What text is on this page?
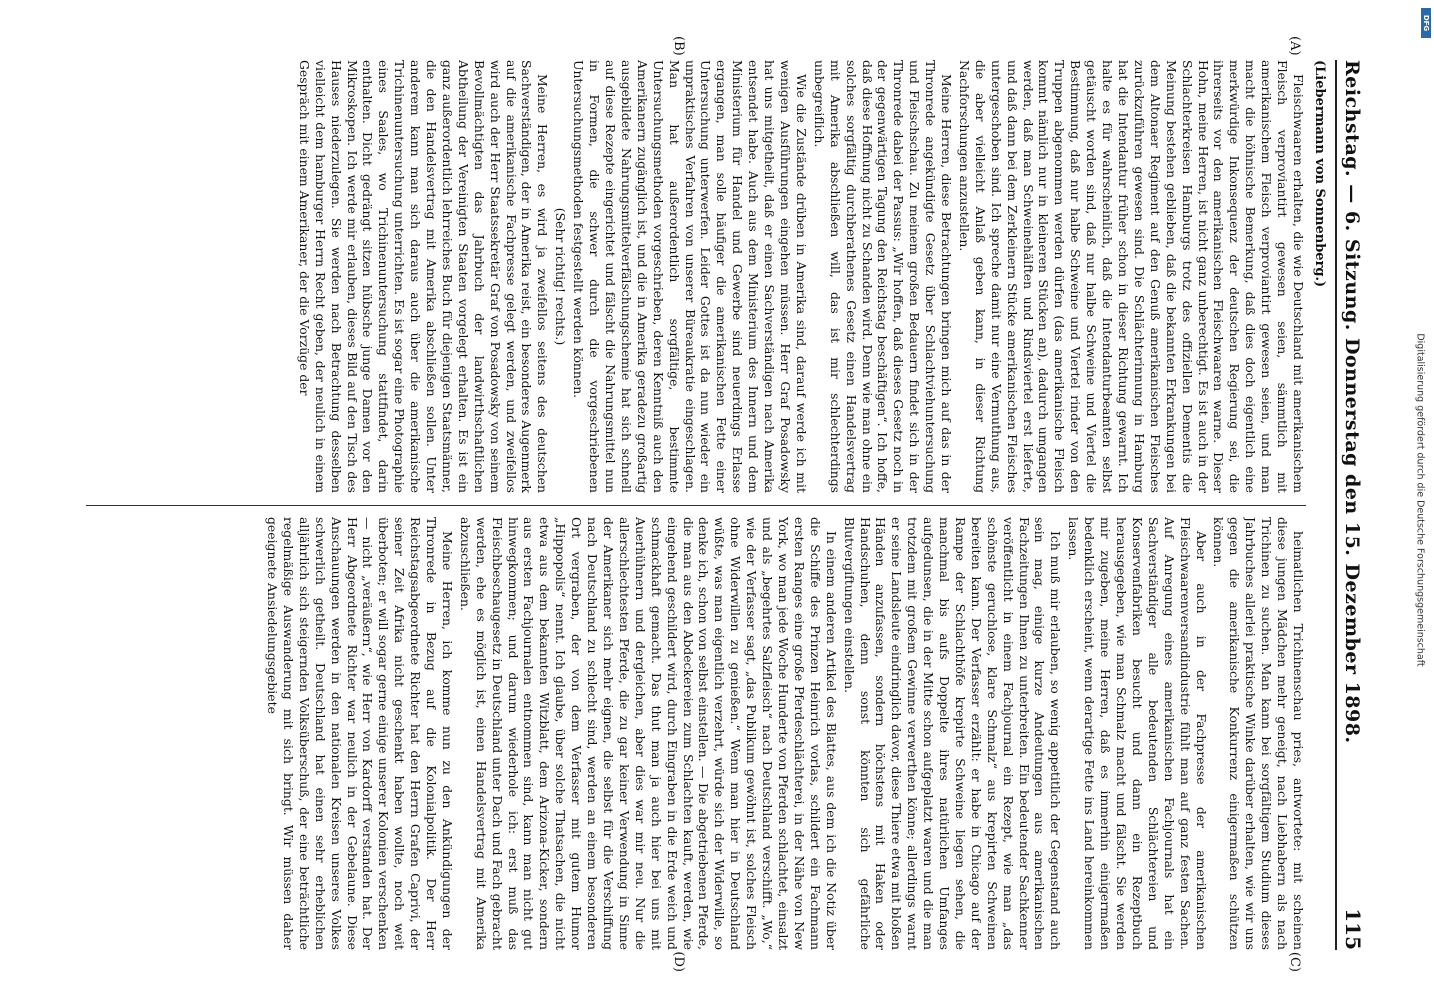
Reichstag. — 6. Sitzung. Donnerstag den 15. Dezember 1898.
115
(Liebermann von Sonnenberg.)
(A)
(B)
(C)
(D)

Fleischwaaren erhalten, die wie Deutschland mit amerikanischem Fleisch verproviantirt gewesen seien, sämmtlich mit amerikanischem Fleisch verproviantirt gewesen seien, und man macht die höhnische Bemerkung, daß dies doch eigentlich eine merkwürdige Inkonsequenz der deutschen Regierung sei, die ihrerseits vor den amerikanischen Fleischwaaren warne. Dieser Hohn, meine Herren, ist nicht ganz unberechtigt. Es ist auch in der Schlachterkreisen Hamburgs trotz des offiziellen Dementis die Meinung bestehen geblieben, daß die bekannten Erkrankungen bei dem Altonaer Regiment auf den Genuß amerikanischen Fleisches zurückzuführen gewesen sind. Die Schlächterinnung in Hamburg hat die Intendantur früher schon in dieser Richtung gewarnt. Ich halte es für wahrscheinlich, daß die Intendanturbeamten selbst getäuscht worden sind, daß nur halbe Schweine und Viertel die Bestimmung, daß nur halbe Schweine und Viertel rinder von den Truppen abgenommen werden dürfen (das amerikanische Fleisch kommt nämlich nur in kleineren Stücken an), dadurch umgangen werden, daß man Schweinehälften und Rindsviertel erst lieferte, und daß dann bei dem Zerkleinern Stücke amerikanischen Fleisches untergeschoben sind. Ich spreche damit nur eine Vermuthung aus, die aber vielleicht Anlaß geben kann, in dieser Richtung Nachforschungen anzustellen.

Meine Herren, diese Betrachtungen bringen mich auf das in der Thronrede angekündigte Gesetz über Schlachtviehuntersuchung und Fleischschau. Zu meinem großen Bedauern findet sich in der Thronrede dabei der Passus: „Wir hoffen, daß dieses Gesetz noch in der gegenwärtigen Tagung den Reichstag beschäftigen“. Ich hoffe, daß diese Hoffnung nicht zu Schanden wird. Denn wie man ohne ein solches sorgfältig durchberathenes Gesetz einen Handelsvertrag mit Amerika abschließen will, das ist mir schlechterdings unbegreiflich.

Wie die Zustände drüben in Amerika sind, darauf werde ich mit wenigen Ausführungen eingehen müssen. Herr Graf Posadowsky hat uns mitgetheilt, daß er einen Sachverständigen nach Amerika entsendet habe. Auch aus dem Ministerium des Innern und dem Ministerium für Handel und Gewerbe sind neuerdings Erlasse ergangen, man solle häufiger die amerikanischen Fette einer Untersuchung unterwerfen. Leider Gottes ist da nun wieder ein unpraktisches Verfahren von unserer Büreaukratie eingeschlagen. Man hat außerordentlich sorgfältige, bestimmte Untersuchungsmethoden vorgeschrieben, deren Kenntniß auch den Amerikanern zugänglich ist, und die in Amerika geradezu großartig ausgebildete Nahrungsmittelverfälschungschemie hat sich schnell auf diese Rezepte eingerichtet und fälscht die Nahrungsmittel nun in Formen, die schwer durch die vorgeschriebenen Untersuchungsmethoden festgestellt werden können.

(Sehr richtig! rechts.)

Meine Herren, es wird ja zweifellos seitens des deutschen Sachverständigen, der in Amerika reist, ein besonderes Augenmerk auf die amerikanische Fachpresse gelegt werden, und zweifellos wird auch der Herr Staatssekretär Graf von Posadowsky von seinem Bevollmächtigten das Jahrbuch der landwirthschaftlichen Abtheilung der Vereinigten Staaten vorgelegt erhalten. Es ist ein ganz außerordentlich lehrreiches Buch für diejenigen Staatsmänner, die den Handelsvertrag mit Amerika abschließen sollen. Unter anderem kann man sich daraus auch über die amerikanische Trichinenuntersuchung unterrichten. Es ist sogar eine Photographie eines Saales, wo Trichinenuntersuchung stattfindet, darin enthalten. Dicht gedrängt sitzen hübsche junge Damen vor den Mikroskopen. Ich werde mir erlauben, dieses Bild auf den Tisch des Hauses niederzulegen. Sie werden nach Betrachtung desselben vielleicht dem hamburger Herrn Recht geben, der neulich in einem Gespräch mit einem Amerikaner, der die Vorzüge der

heimatlichen Trichinenschau pries, antwortete: mit scheinen diese jungen Mädchen mehr geneigt, nach Liebhabern als nach Trichinen zu suchen. Man kann bei sorgfältigem Studium dieses Jahrbuches allerlei praktische Winke darüber erhalten, wie wir uns gegen die amerikanische Konkurrenz einigermaßen schützen können.

Aber auch in der Fachpresse der amerikanischen Fleischwaarenversandindustrie fühlt man auf ganz festen Sachen. Auf Anregung eines amerikanischen Fachjournals hat ein Sachverständiger alle bedeutenden Schlächtereien und Konservenfabriken besucht und dann ein Rezeptbuch herausgegeben, wie man Schmalz macht und fälscht. Sie werden mir zugeben, meine Herren, daß es immerhin einigermaßen bedenklich erscheint, wenn derartige Fette ins Land hereinkommen lassen.

Ich muß mir erlauben, so wenig appetitlich der Gegenstand auch sein mag, einige kurze Andeutungen aus amerikanischen Fachzeitungen Ihnen zu unterbreiten. Ein bedeutender Sachkenner veröffentlicht in einem Fachjournal ein Rezept, wie man „das schönste geruchlose, klare Schmalz“ aus krepirten Schweinen bereiten kann. Der Verfasser erzählt: er habe in Chicago auf der Rampe der Schlachthöfe krepirte Schweine liegen sehen, die manchmal bis aufs Doppelte ihres natürlichen Umfanges aufgedunsen, die in der Mitte schon aufgeplatzt waren und die man trotzdem mit großem Gewinne verwerthen könne; allerdings warnt er seine Landsleute eindringlich davor, diese Thiere etwa mit bloßen Händen anzufassen, sondern höchstens mit Haken oder Handschuhen, denn sonst könnten sich gefährliche Blutvergiftungen einstellen.

In einem anderen Artikel des Blattes, aus dem ich die Notiz über die Schiffe des Prinzen Heinrich vorlas, schildert ein Fachmann ersten Ranges eine große Pferdeschlächterei, in der Nähe von New York, wo man jede Woche Hunderte von Pferden schlachtet, einsalzt und als „begehrtes Salzfleisch“ nach Deutschland verschifft. „Wo,“ wie der Verfasser sagt, „das Publikum gewöhnt ist, solches Fleisch ohne Widerwillen zu genießen.“ Wenn man hier in Deutschland wüßte, was man eigentlich verzehrt, würde sich der Widerwille, so denke ich, schon von selbst einstellen. — Die abgetriebenen Pferde, die man aus den Abdeckereien zum Schlachten kauft, werden, wie eingehend geschildert wird, durch Eingraben in die Erde weich und schmackhaft gemacht. Das thut man ja auch hier bei uns mit Auerhühnern und dergleichen, aber dies war mir neu. Nur die allerschlechtesten Pferde, die zu gar keiner Verwendung in Sinne der Amerikaner sich mehr eignen, die selbst für die Verschiffung nach Deutschland zu schlecht sind, werden an einem besonderen Ort vergraben, der von dem Verfasser mit gutem Humor „Hippopolis“ nennt. Ich glaube, über solche Thatsachen, die nicht etwa aus dem bekannten Witzblatt, dem Arizona-Kicker, sondern aus ersten Fachjournalen entnommen sind, kann man nicht gut hinwegkommen; und darum wiederhole ich: erst muß das Fleischbeschaugesetz in Deutschland unter Dach und Fach gebracht werden, ehe es möglich ist, einen Handelsvertrag mit Amerika abzuschließen.

Meine Herren, ich komme nun zu den Ankündigungen der Thronrede in Bezug auf die Kolonialpolitik. Der Herr Reichstagsabgeordnete Richter hat den Herrn Grafen Caprivi, der seiner Zeit Afrika nicht geschenkt haben wollte, noch weit überboten; er will sogar gerne einige unserer Kolonien verschenken — nicht „veräußern“, wie Herr von Kardorff verstanden hat. Der Herr Abgeordnete Richter war neulich in der Gebelaune. Diese Anschauungen werden in den nationalen Kreisen unseres Volkes schwerlich getheilt. Deutschland hat einen sehr erheblichen alljährlich sich steigernden Volksüberschuß, der eine beträchtliche regelmäßige Auswanderung mit sich bringt. Wir müssen daher geeignete Ansiedelungsgebiete	Digitalisierung gefördert durch die Deutsche Forschungsgemeinschaft
DFG
